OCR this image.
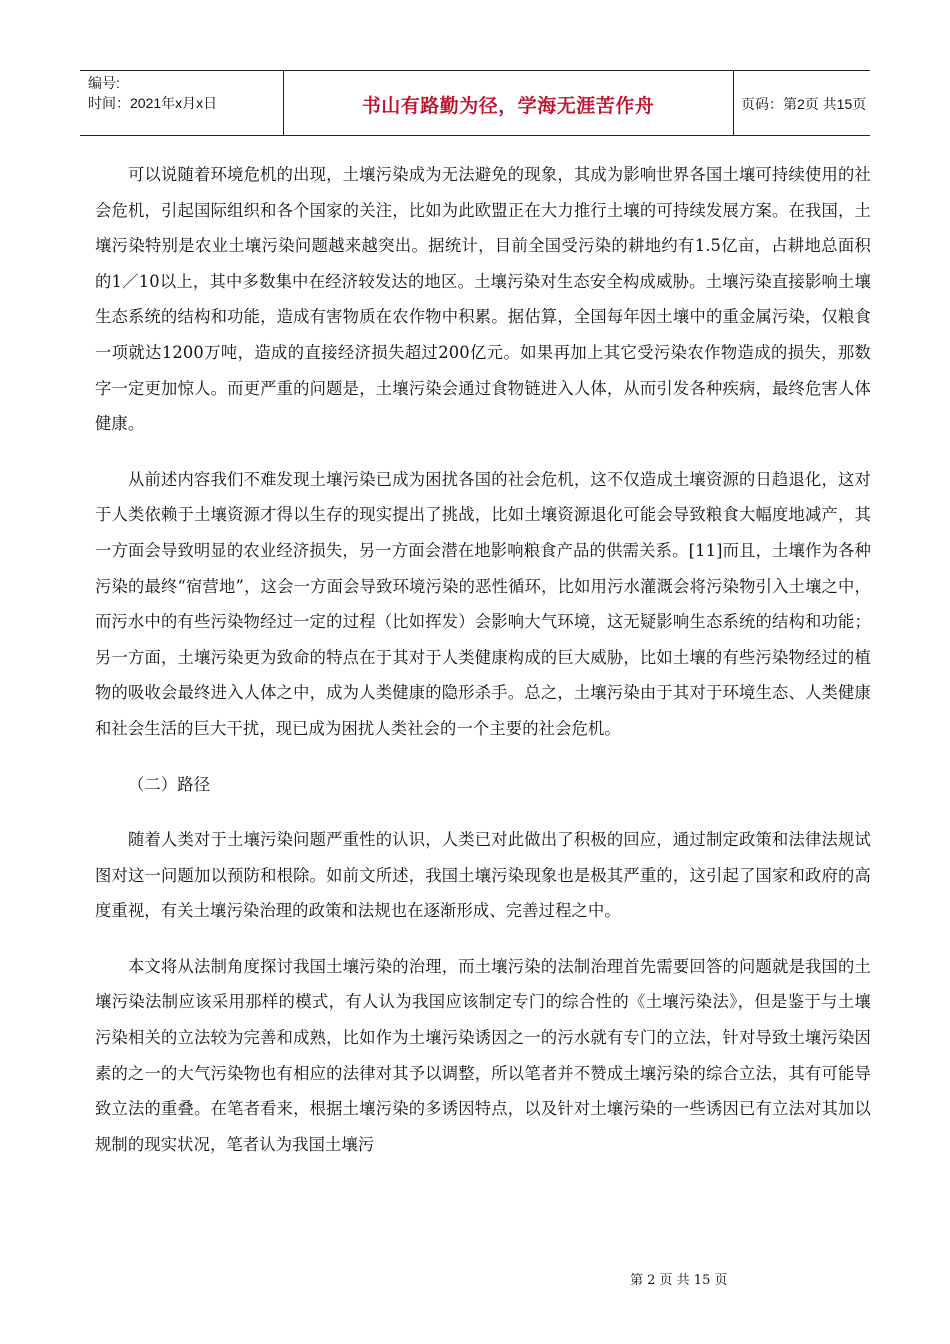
编号:
时间：2021年x月x日	书山有路勤为径，学海无涯苦作舟	页码：第2页 共15页

可以说随着环境危机的出现，土壤污染成为无法避免的现象，其成为影响世界各国土壤可持续使用的社会危机，引起国际组织和各个国家的关注，比如为此欧盟正在大力推行土壤的可持续发展方案。在我国，土壤污染特别是农业土壤污染问题越来越突出。据统计，目前全国受污染的耕地约有1.5亿亩，占耕地总面积的1／10以上，其中多数集中在经济较发达的地区。土壤污染对生态安全构成威胁。土壤污染直接影响土壤生态系统的结构和功能，造成有害物质在农作物中积累。据估算，全国每年因土壤中的重金属污染，仅粮食一项就达1200万吨，造成的直接经济损失超过200亿元。如果再加上其它受污染农作物造成的损失，那数字一定更加惊人。而更严重的问题是，土壤污染会通过食物链进入人体，从而引发各种疾病，最终危害人体健康。

从前述内容我们不难发现土壤污染已成为困扰各国的社会危机，这不仅造成土壤资源的日趋退化，这对于人类依赖于土壤资源才得以生存的现实提出了挑战，比如土壤资源退化可能会导致粮食大幅度地减产，其一方面会导致明显的农业经济损失，另一方面会潜在地影响粮食产品的供需关系。[11]而且，土壤作为各种污染的最终“宿营地”，这会一方面会导致环境污染的恶性循环，比如用污水灌溉会将污染物引入土壤之中，而污水中的有些污染物经过一定的过程（比如挥发）会影响大气环境，这无疑影响生态系统的结构和功能；另一方面，土壤污染更为致命的特点在于其对于人类健康构成的巨大威胁，比如土壤的有些污染物经过的植物的吸收会最终进入人体之中，成为人类健康的隐形杀手。总之，土壤污染由于其对于环境生态、人类健康和社会生活的巨大干扰，现已成为困扰人类社会的一个主要的社会危机。

（二）路径

随着人类对于土壤污染问题严重性的认识，人类已对此做出了积极的回应，通过制定政策和法律法规试图对这一问题加以预防和根除。如前文所述，我国土壤污染现象也是极其严重的，这引起了国家和政府的高度重视，有关土壤污染治理的政策和法规也在逐渐形成、完善过程之中。

本文将从法制角度探讨我国土壤污染的治理，而土壤污染的法制治理首先需要回答的问题就是我国的土壤污染法制应该采用那样的模式，有人认为我国应该制定专门的综合性的《土壤污染法》，但是鉴于与土壤污染相关的立法较为完善和成熟，比如作为土壤污染诱因之一的污水就有专门的立法，针对导致土壤污染因素的之一的大气污染物也有相应的法律对其予以调整，所以笔者并不赞成土壤污染的综合立法，其有可能导致立法的重叠。在笔者看来，根据土壤污染的多诱因特点，以及针对土壤污染的一些诱因已有立法对其加以规制的现实状况，笔者认为我国土壤污

第 2 页 共 15 页
